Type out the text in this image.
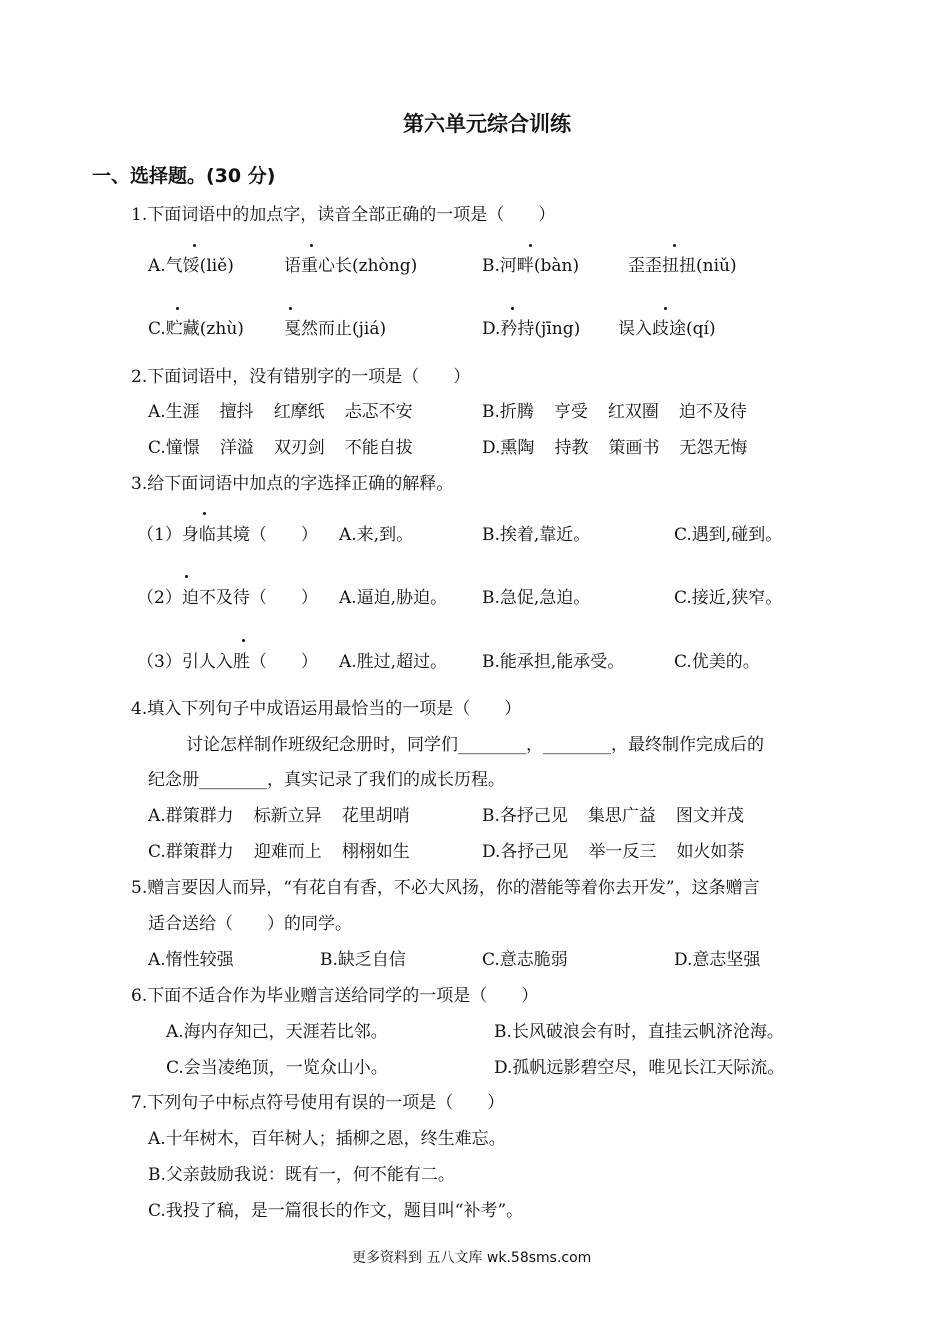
第六单元综合训练
一、选择题。(30 分)
1.下面词语中的加点字，读音全部正确的一项是（　　）
A.气馁(liě)	语重心长(zhòng)	B.河畔(bàn)	歪歪扭扭(niǔ)
C.贮藏(zhù) 戛然而止(jiá)	D.矜持(jīng) 误入歧途(qí)
2.下面词语中，没有错别字的一项是（　　）
A.生涯 擅抖 红摩纸 忐忑不安	B.折腾 亨受 红双圈 迫不及待
C.憧憬 洋溢 双刃剑 不能自拔	D.熏陶 持教 策画书 无怨无悔
3.给下面词语中加点的字选择正确的解释。
（1）身临其境（　　） A.来,到。	B.挨着,靠近。	C.遇到,碰到。
（2）迫不及待（　　） A.逼迫,胁迫。 B.急促,急迫。	C.接近,狭窄。
（3）引人入胜（　　） A.胜过,超过。 B.能承担,能承受。	C.优美的。
4.填入下列句子中成语运用最恰当的一项是（　　）
讨论怎样制作班级纪念册时，同学们________，________，最终制作完成后的
纪念册________，真实记录了我们的成长历程。
A.群策群力 标新立异 花里胡哨	B.各抒己见 集思广益 图文并茂
C.群策群力 迎难而上 栩栩如生	D.各抒己见 举一反三 如火如荼
5.赠言要因人而异，“有花自有香，不必大风扬，你的潜能等着你去开发”，这条赠言
适合送给（　　）的同学。
A.惰性较强	B.缺乏自信	C.意志脆弱	D.意志坚强
6.下面不适合作为毕业赠言送给同学的一项是（　　）
A.海内存知己，天涯若比邻。	B.长风破浪会有时，直挂云帆济沧海。
C.会当凌绝顶，一览众山小。	D.孤帆远影碧空尽，唯见长江天际流。
7.下列句子中标点符号使用有误的一项是（　　）
A.十年树木，百年树人；插柳之恩，终生难忘。
B.父亲鼓励我说：既有一，何不能有二。
C.我投了稿，是一篇很长的作文，题目叫“补考”。
更多资料到 五八文库 wk.58sms.com
